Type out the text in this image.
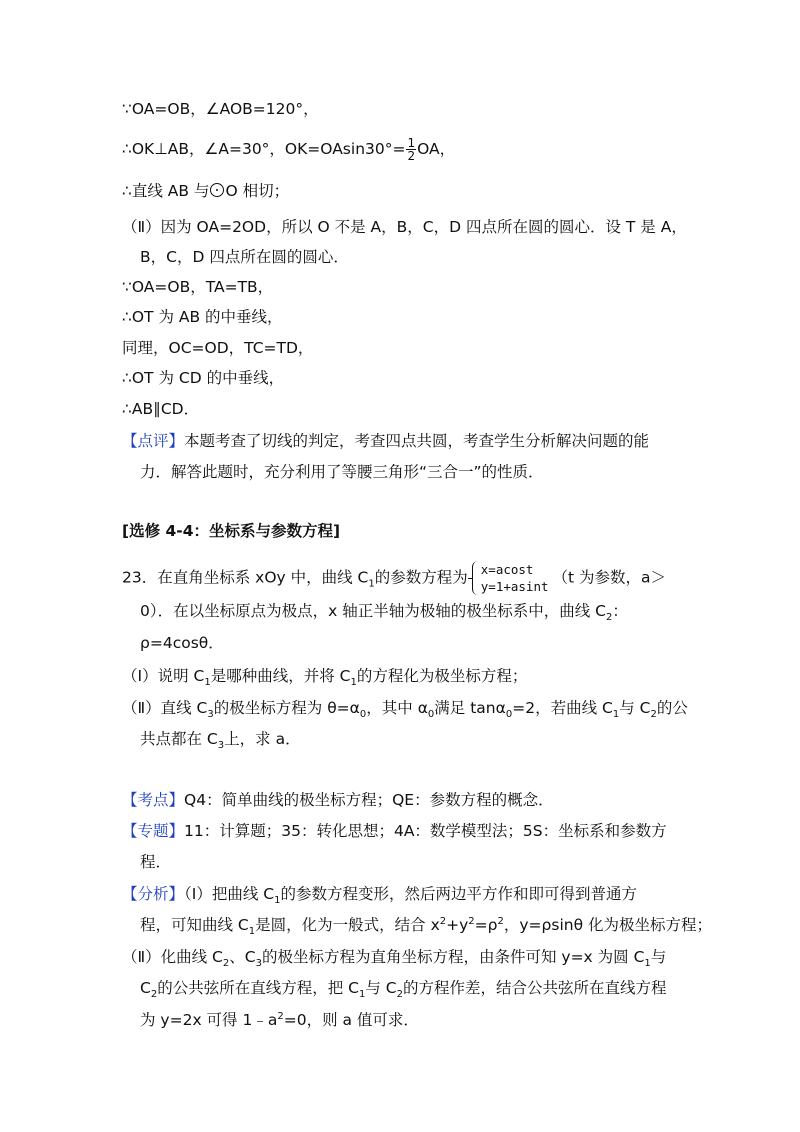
∵OA=OB，∠AOB=120°，
∴OK⊥AB，∠A=30°，$OK=OAsin30^\circ= \frac{1}{2}$ OA，
∴直线 AB 与 O 相切；
（Ⅱ）因为 OA=2OD，所以 O 不是 A，B，C，D 四点所在圆的圆心．设 T 是 A，
B，C，D 四点所在圆的圆心．
∵OA=OB，TA=TB，
∴OT 为 AB 的中垂线，
同理，OC=OD，TC=TD，
∴OT 为 CD 的中垂线，
∴AB∥CD．
【点评】本题考查了切线的判定，考查四点共圆，考查学生分析解决问题的能
力．解答此题时，充分利用了等腰三角形“三合一”的性质．
[选修 4-4：坐标系与参数方程]
23．在直角坐标系 xOy 中，曲线 $C_1$的参数方程为 x=acost
y=1+asint （t 为参数，a＞
0）．在以坐标原点为极点，x 轴正半轴为极轴的极坐标系中，曲线 $C_2$：
ρ=4cosθ．
（Ⅰ）说明 $C_1$是哪种曲线，并将 $C_1$的方程化为极坐标方程；
（Ⅱ）直线 $C_3$的极坐标方程为 $\theta=\alpha_0$，其中 $\alpha_0$满足 tanα$_0$=2，若曲线 $C_1$与 $C_2$的公
共点都在 $C_3$上，求 a．
【考点】Q4：简单曲线的极坐标方程；QE：参数方程的概念．
【专题】11：计算题；35：转化思想；4A：数学模型法；5S：坐标系和参数方
程．
【分析】（Ⅰ）把曲线 $C_1$的参数方程变形，然后两边平方作和即可得到普通方
程，可知曲线 $C_1$是圆，化为一般式，结合 $x^2+y^2=\rho^2$，y=ρsinθ 化为极坐标方程；
（Ⅱ）化曲线 $C_2$、$C_3$的极坐标方程为直角坐标方程，由条件可知 y=x 为圆 $C_1$与
$C_2$的公共弦所在直线方程，把 $C_1$与 $C_2$的方程作差，结合公共弦所在直线方程
为 y=2x 可得 $1﹣a^2=0$，则 a 值可求．
